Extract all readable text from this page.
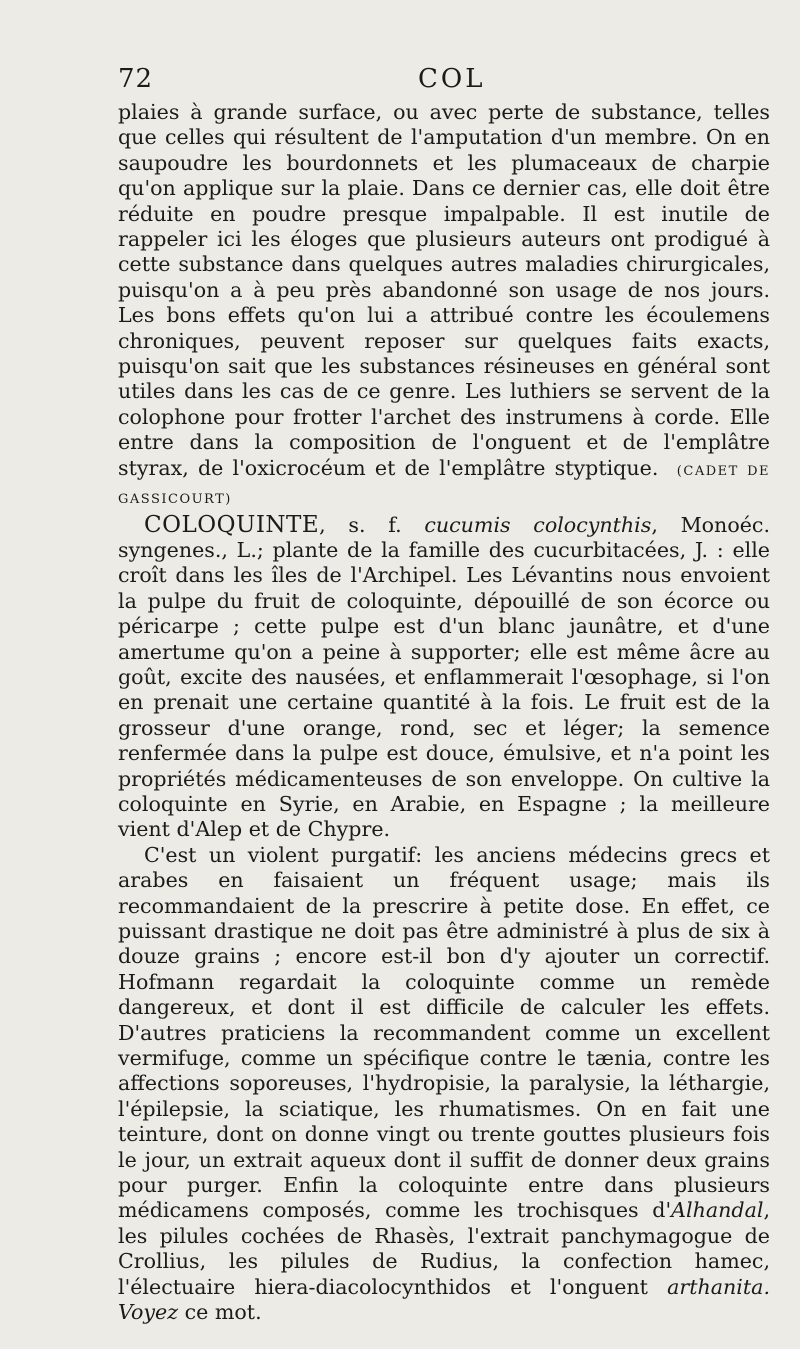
72	COL

plaies à grande surface, ou avec perte de substance, telles que celles qui résultent de l'amputation d'un membre. On en saupoudre les bourdonnets et les plumaceaux de charpie qu'on applique sur la plaie. Dans ce dernier cas, elle doit être réduite en poudre presque impalpable. Il est inutile de rappeler ici les éloges que plusieurs auteurs ont prodigué à cette substance dans quelques autres maladies chirurgicales, puisqu'on a à peu près abandonné son usage de nos jours. Les bons effets qu'on lui a attribué contre les écoulemens chroniques, peuvent reposer sur quelques faits exacts, puisqu'on sait que les substances résineuses en général sont utiles dans les cas de ce genre. Les luthiers se servent de la colophone pour frotter l'archet des instrumens à corde. Elle entre dans la composition de l'onguent et de l'emplâtre styrax, de l'oxicrocéum et de l'emplâtre styptique. (CADET DE GASSICOURT)

COLOQUINTE, s. f. cucumis colocynthis, Monoéc. syngenes., L.; plante de la famille des cucurbitacées, J. : elle croît dans les îles de l'Archipel. Les Lévantins nous envoient la pulpe du fruit de coloquinte, dépouillé de son écorce ou péricarpe ; cette pulpe est d'un blanc jaunâtre, et d'une amertume qu'on a peine à supporter; elle est même âcre au goût, excite des nausées, et enflammerait l'œsophage, si l'on en prenait une certaine quantité à la fois. Le fruit est de la grosseur d'une orange, rond, sec et léger; la semence renfermée dans la pulpe est douce, émulsive, et n'a point les propriétés médicamenteuses de son enveloppe. On cultive la coloquinte en Syrie, en Arabie, en Espagne ; la meilleure vient d'Alep et de Chypre.

C'est un violent purgatif: les anciens médecins grecs et arabes en faisaient un fréquent usage; mais ils recommandaient de la prescrire à petite dose. En effet, ce puissant drastique ne doit pas être administré à plus de six à douze grains ; encore est-il bon d'y ajouter un correctif. Hofmann regardait la coloquinte comme un remède dangereux, et dont il est difficile de calculer les effets. D'autres praticiens la recommandent comme un excellent vermifuge, comme un spécifique contre le tænia, contre les affections soporeuses, l'hydropisie, la paralysie, la léthargie, l'épilepsie, la sciatique, les rhumatismes. On en fait une teinture, dont on donne vingt ou trente gouttes plusieurs fois le jour, un extrait aqueux dont il suffit de donner deux grains pour purger. Enfin la coloquinte entre dans plusieurs médicamens composés, comme les trochisques d'Alhandal, les pilules cochées de Rhasès, l'extrait panchymagogue de Crollius, les pilules de Rudius, la confection hamec, l'électuaire hiera-diacolocynthidos et l'onguent arthanita. Voyez ce mot.
